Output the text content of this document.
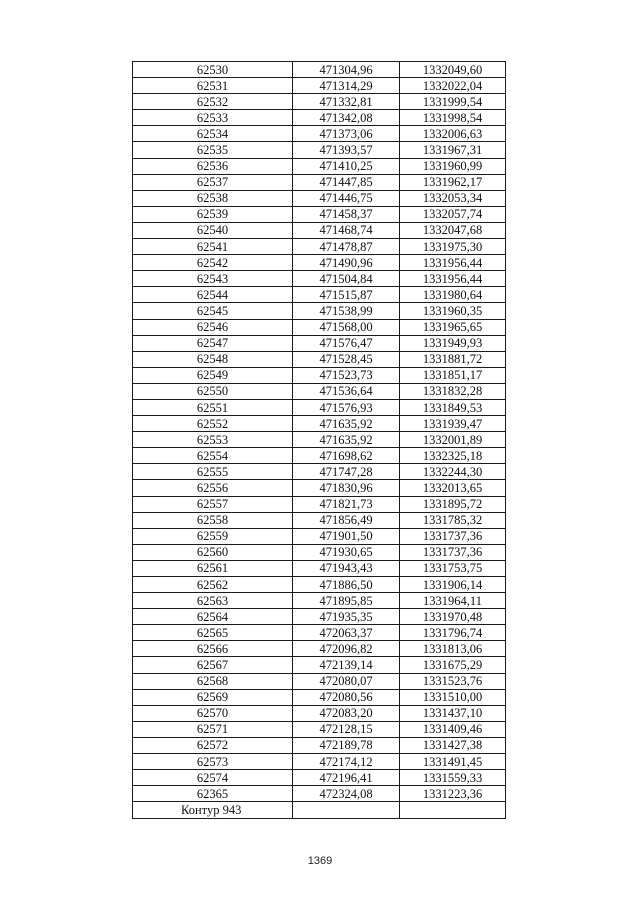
62530	471304,96	1332049,60
62531	471314,29	1332022,04
62532	471332,81	1331999,54
62533	471342,08	1331998,54
62534	471373,06	1332006,63
62535	471393,57	1331967,31
62536	471410,25	1331960,99
62537	471447,85	1331962,17
62538	471446,75	1332053,34
62539	471458,37	1332057,74
62540	471468,74	1332047,68
62541	471478,87	1331975,30
62542	471490,96	1331956,44
62543	471504,84	1331956,44
62544	471515,87	1331980,64
62545	471538,99	1331960,35
62546	471568,00	1331965,65
62547	471576,47	1331949,93
62548	471528,45	1331881,72
62549	471523,73	1331851,17
62550	471536,64	1331832,28
62551	471576,93	1331849,53
62552	471635,92	1331939,47
62553	471635,92	1332001,89
62554	471698,62	1332325,18
62555	471747,28	1332244,30
62556	471830,96	1332013,65
62557	471821,73	1331895,72
62558	471856,49	1331785,32
62559	471901,50	1331737,36
62560	471930,65	1331737,36
62561	471943,43	1331753,75
62562	471886,50	1331906,14
62563	471895,85	1331964,11
62564	471935,35	1331970,48
62565	472063,37	1331796,74
62566	472096,82	1331813,06
62567	472139,14	1331675,29
62568	472080,07	1331523,76
62569	472080,56	1331510,00
62570	472083,20	1331437,10
62571	472128,15	1331409,46
62572	472189,78	1331427,38
62573	472174,12	1331491,45
62574	472196,41	1331559,33
62365	472324,08	1331223,36
Контур 943		
1369
